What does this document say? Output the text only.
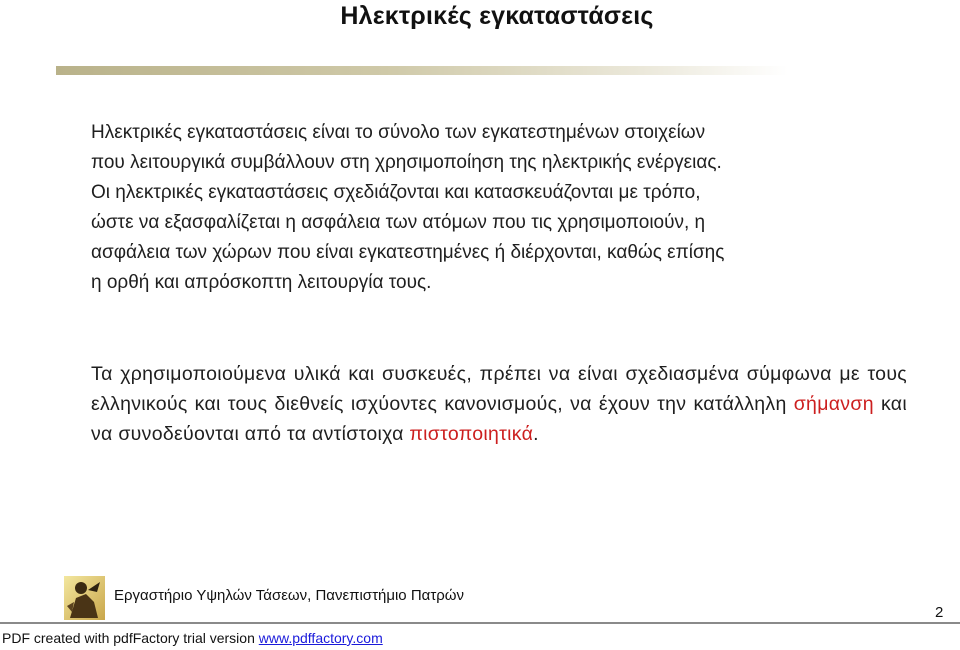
Ηλεκτρικές εγκαταστάσεις

Ηλεκτρικές εγκαταστάσεις είναι το σύνολο των εγκατεστημένων στοιχείων
που λειτουργικά συμβάλλουν στη χρησιμοποίηση της ηλεκτρικής ενέργειας.
Οι ηλεκτρικές εγκαταστάσεις σχεδιάζονται και κατασκευάζονται με τρόπο,
ώστε να εξασφαλίζεται η ασφάλεια των ατόμων που τις χρησιμοποιούν, η
ασφάλεια των χώρων που είναι εγκατεστημένες ή διέρχονται, καθώς επίσης
η ορθή και απρόσκοπτη λειτουργία τους.

Τα χρησιμοποιούμενα υλικά και συσκευές, πρέπει να είναι σχεδιασμένα σύμφωνα με τους ελληνικούς και τους διεθνείς ισχύοντες κανονισμούς, να έχουν την κατάλληλη σήμανση και να συνοδεύονται από τα αντίστοιχα πιστοποιητικά.

Εργαστήριο Υψηλών Τάσεων, Πανεπιστήμιο Πατρών
2
PDF created with pdfFactory trial version www.pdffactory.com
